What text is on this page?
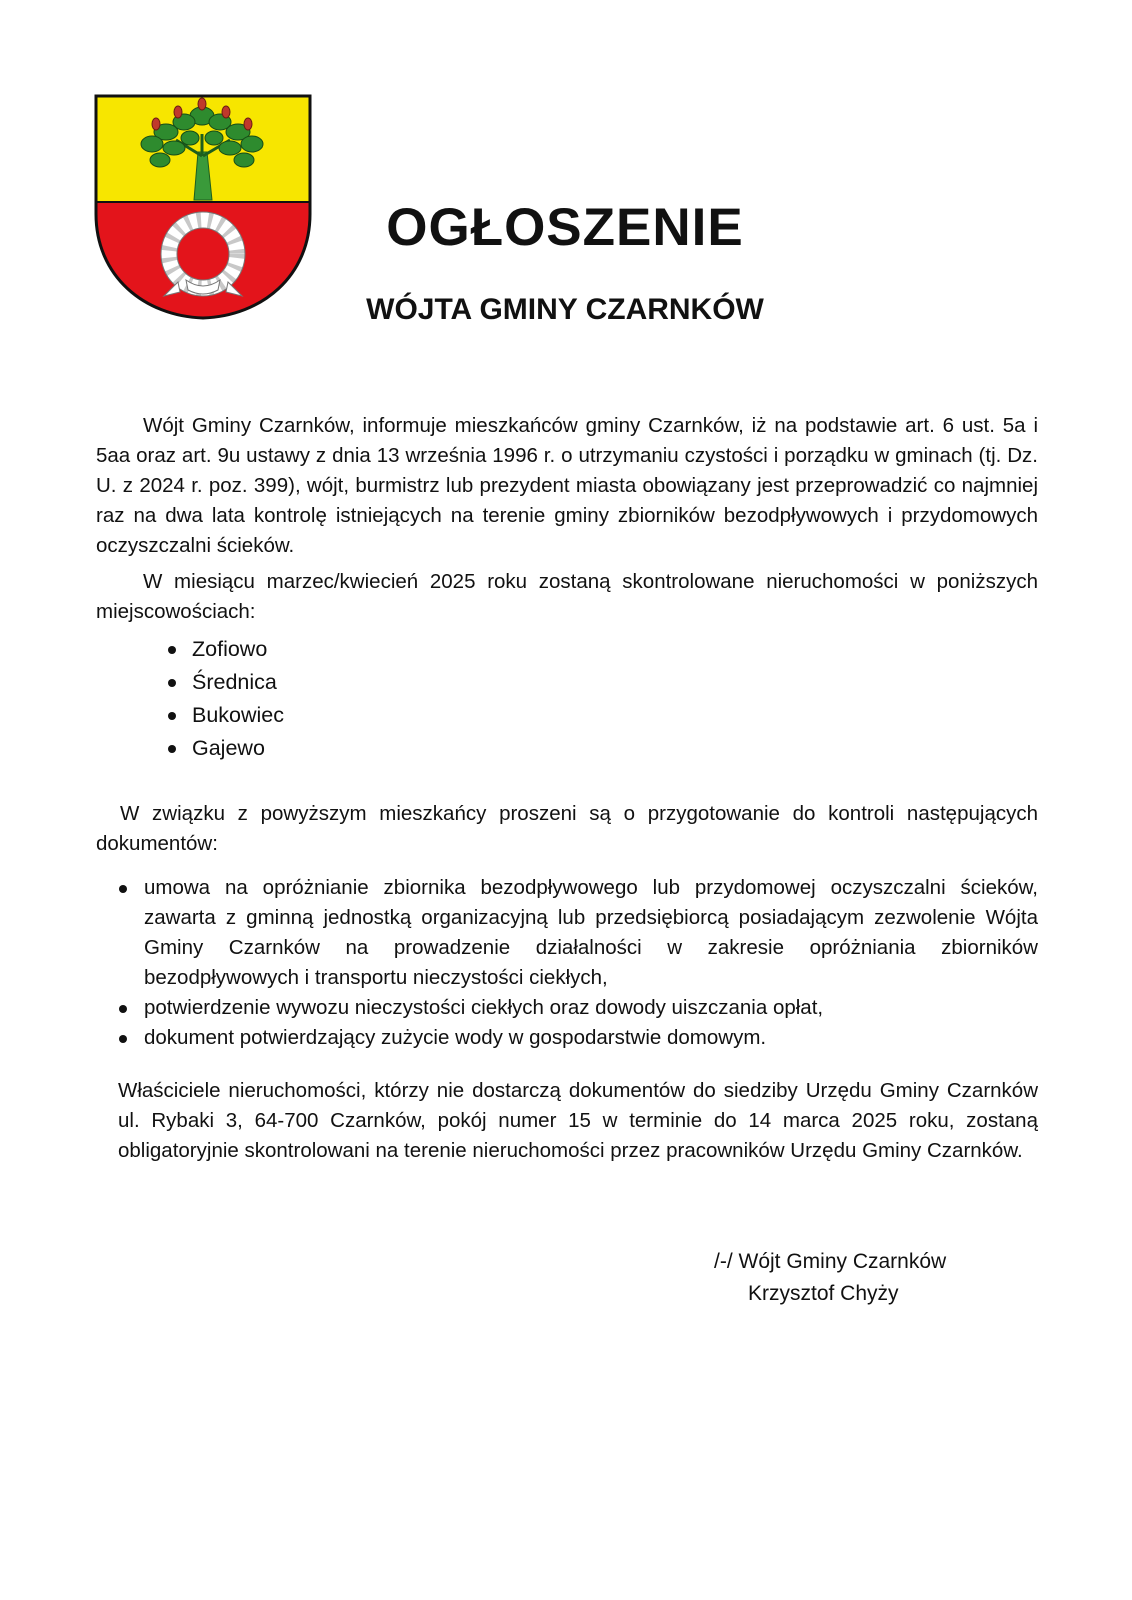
OGŁOSZENIE
WÓJTA GMINY CZARNKÓW

Wójt Gminy Czarnków, informuje mieszkańców gminy Czarnków, iż na podstawie art. 6 ust. 5a i 5aa oraz art. 9u ustawy z dnia 13 września 1996 r. o utrzymaniu czystości i porządku w gminach (tj. Dz. U. z 2024 r. poz. 399), wójt, burmistrz lub prezydent miasta obowiązany jest przeprowadzić co najmniej raz na dwa lata kontrolę istniejących na terenie gminy zbiorników bezodpływowych i przydomowych oczyszczalni ścieków.

W miesiącu marzec/kwiecień 2025 roku zostaną skontrolowane nieruchomości w poniższych miejscowościach:

Zofiowo
Średnica
Bukowiec
Gajewo

W związku z powyższym mieszkańcy proszeni są o przygotowanie do kontroli następujących dokumentów:

umowa na opróżnianie zbiornika bezodpływowego lub przydomowej oczyszczalni ścieków, zawarta z gminną jednostką organizacyjną lub przedsiębiorcą posiadającym zezwolenie Wójta Gminy Czarnków na prowadzenie działalności w zakresie opróżniania zbiorników bezodpływowych i transportu nieczystości ciekłych,
potwierdzenie wywozu nieczystości ciekłych oraz dowody uiszczania opłat,
dokument potwierdzający zużycie wody w gospodarstwie domowym.

Właściciele nieruchomości, którzy nie dostarczą dokumentów do siedziby Urzędu Gminy Czarnków ul. Rybaki 3, 64-700 Czarnków, pokój numer 15 w terminie do 14 marca 2025 roku, zostaną obligatoryjnie skontrolowani na terenie nieruchomości przez pracowników Urzędu Gminy Czarnków.

/-/ Wójt Gminy Czarnków
Krzysztof Chyży
